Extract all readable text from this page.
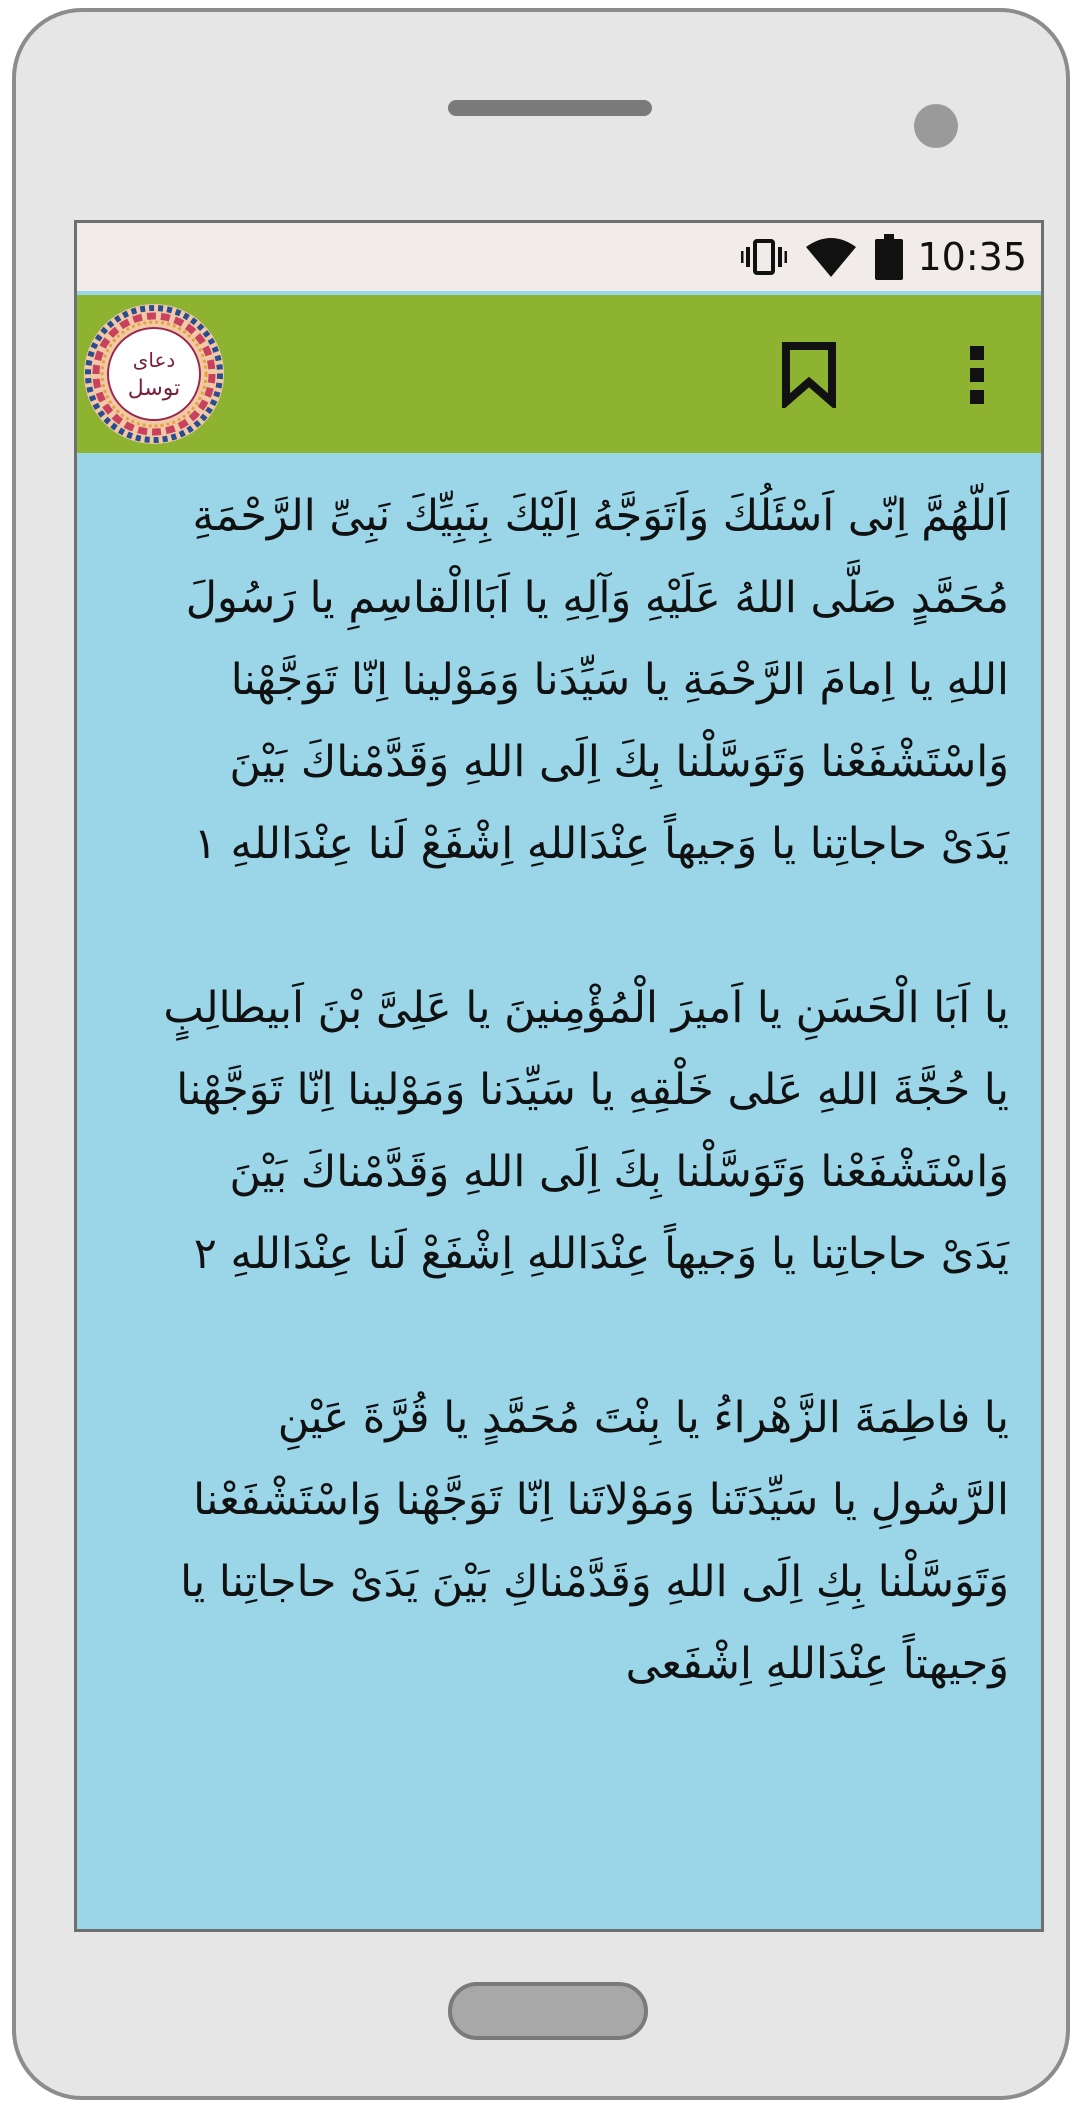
10:35
دعای
توسل

اَللّهُمَّ اِنّی اَسْئَلُكَ وَاَتَوَجَّهُ اِلَیْكَ بِنَبِیِّكَ نَبِیِّ الرَّحْمَةِ مُحَمَّدٍ صَلَّى اللهُ عَلَیْهِ وَآلِهِ یا اَبَاالْقاسِمِ یا رَسُولَ اللهِ یا اِمامَ الرَّحْمَةِ یا سَیِّدَنا وَمَوْلینا اِنّا تَوَجَّهْنا وَاسْتَشْفَعْنا وَتَوَسَّلْنا بِكَ اِلَی اللهِ وَقَدَّمْناكَ بَیْنَ یَدَیْ حاجاتِنا یا وَجیهاً عِنْدَاللهِ اِشْفَعْ لَنا عِنْدَاللهِ ۱

یا اَبَا الْحَسَنِ یا اَمیرَ الْمُؤْمِنینَ یا عَلِیَّ بْنَ اَبیطالِبٍ یا حُجَّةَ اللهِ عَلی خَلْقِهِ یا سَیِّدَنا وَمَوْلینا اِنّا تَوَجَّهْنا وَاسْتَشْفَعْنا وَتَوَسَّلْنا بِكَ اِلَی اللهِ وَقَدَّمْناكَ بَیْنَ یَدَیْ حاجاتِنا یا وَجیهاً عِنْدَاللهِ اِشْفَعْ لَنا عِنْدَاللهِ ۲

یا فاطِمَةَ الزَّهْراءُ یا بِنْتَ مُحَمَّدٍ یا قُرَّةَ عَیْنِ الرَّسُولِ یا سَیِّدَتَنا وَمَوْلاتَنا اِنّا تَوَجَّهْنا وَاسْتَشْفَعْنا وَتَوَسَّلْنا بِكِ اِلَی اللهِ وَقَدَّمْناكِ بَیْنَ یَدَیْ حاجاتِنا یا وَجیهتاً عِنْدَاللهِ اِشْفَعی
